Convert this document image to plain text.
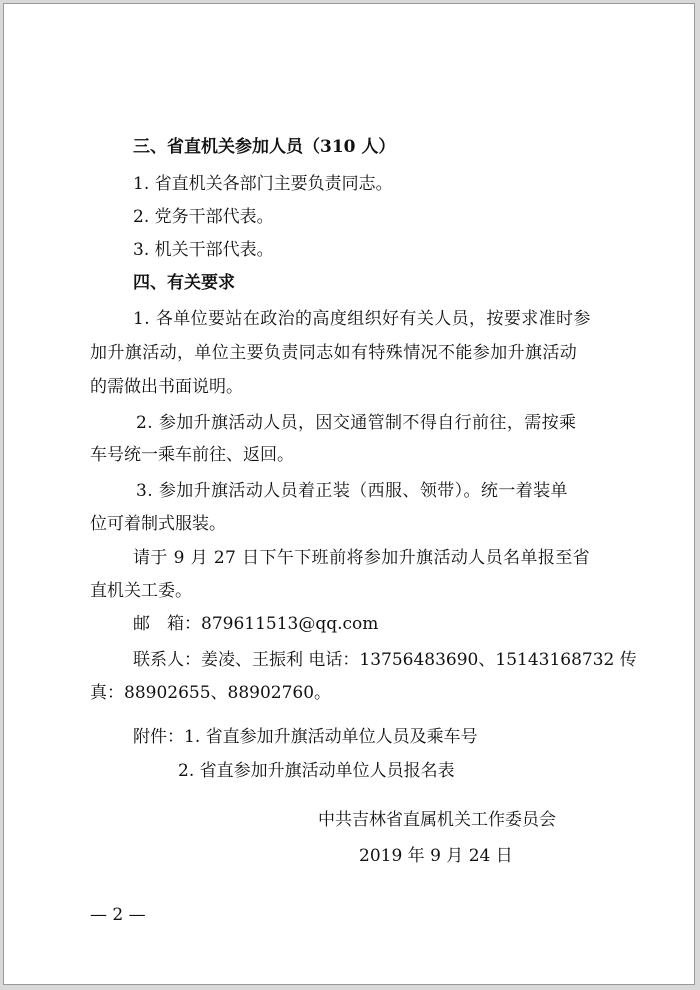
三、省直机关参加人员（310 人）
1. 省直机关各部门主要负责同志。
2. 党务干部代表。
3. 机关干部代表。
四、有关要求
1. 各单位要站在政治的高度组织好有关人员，按要求准时参
加升旗活动，单位主要负责同志如有特殊情况不能参加升旗活动
的需做出书面说明。
2. 参加升旗活动人员，因交通管制不得自行前往，需按乘
车号统一乘车前往、返回。
3. 参加升旗活动人员着正装（西服、领带）。统一着装单
位可着制式服装。
请于 9 月 27 日下午下班前将参加升旗活动人员名单报至省
直机关工委。
邮　箱：879611513@qq.com
联系人：姜凌、王振利 电话：13756483690、15143168732 传
真：88902655、88902760。
附件：1. 省直参加升旗活动单位人员及乘车号
2. 省直参加升旗活动单位人员报名表
中共吉林省直属机关工作委员会
2019 年 9 月 24 日
— 2 —
